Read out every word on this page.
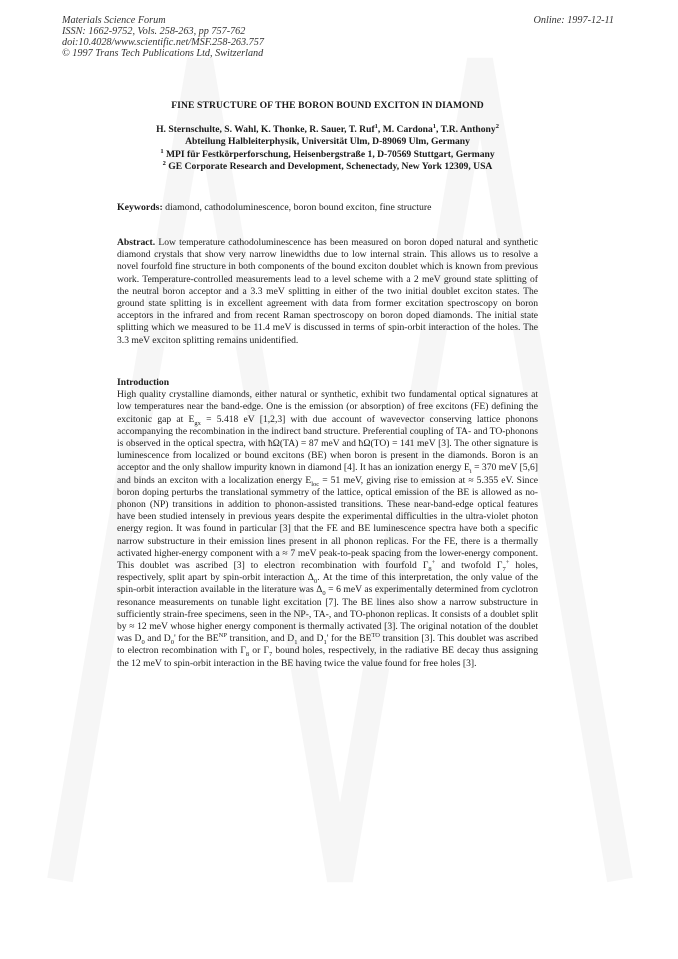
Materials Science Forum
ISSN: 1662-9752, Vols. 258-263, pp 757-762
doi:10.4028/www.scientific.net/MSF.258-263.757
© 1997 Trans Tech Publications Ltd, Switzerland
Online: 1997-12-11
FINE STRUCTURE OF THE BORON BOUND EXCITON IN DIAMOND
H. Sternschulte, S. Wahl, K. Thonke, R. Sauer, T. Ruf$^1$, M. Cardona$^1$, T.R. Anthony$^2$
Abteilung Halbleiterphysik, Universität Ulm, D-89069 Ulm, Germany
$^1$ MPI für Festkörperforschung, Heisenbergstraße 1, D-70569 Stuttgart, Germany
$^2$ GE Corporate Research and Development, Schenectady, New York 12309, USA
Keywords: diamond, cathodoluminescence, boron bound exciton, fine structure
Abstract. Low temperature cathodoluminescence has been measured on boron doped natural and synthetic diamond crystals that show very narrow linewidths due to low internal strain. This allows us to resolve a novel fourfold fine structure in both components of the bound exciton doublet which is known from previous work. Temperature-controlled measurements lead to a level scheme with a 2 meV ground state splitting of the neutral boron acceptor and a 3.3 meV splitting in either of the two initial doublet exciton states. The ground state splitting is in excellent agreement with data from former excitation spectroscopy on boron acceptors in the infrared and from recent Raman spectroscopy on boron doped diamonds. The initial state splitting which we measured to be 11.4 meV is discussed in terms of spin-orbit interaction of the holes. The 3.3 meV exciton splitting remains unidentified.
Introduction
High quality crystalline diamonds, either natural or synthetic, exhibit two fundamental optical signatures at low temperatures near the band-edge. One is the emission (or absorption) of free excitons (FE) defining the excitonic gap at $E_{gx} = 5.418$ eV [1,2,3] with due account of wavevector conserving lattice phonons accompanying the recombination in the indirect band structure. Preferential coupling of TA- and TO-phonons is observed in the optical spectra, with ħΩ(TA) = 87 meV and ħΩ(TO) = 141 meV [3]. The other signature is luminescence from localized or bound excitons (BE) when boron is present in the diamonds. Boron is an acceptor and the only shallow impurity known in diamond [4]. It has an ionization energy $E_i = 370$ meV [5,6] and binds an exciton with a localization energy $E_{loc} = 51$ meV, giving rise to emission at ≈ 5.355 eV. Since boron doping perturbs the translational symmetry of the lattice, optical emission of the BE is allowed as no-phonon (NP) transitions in addition to phonon-assisted transitions. These near-band-edge optical features have been studied intensely in previous years despite the experimental difficulties in the ultra-violet photon energy region. It was found in particular [3] that the FE and BE luminescence spectra have both a specific narrow substructure in their emission lines present in all phonon replicas. For the FE, there is a thermally activated higher-energy component with a ≈ 7 meV peak-to-peak spacing from the lower-energy component. This doublet was ascribed [3] to electron recombination with fourfold $\Gamma_8^+$ and twofold $\Gamma_7^+$ holes, respectively, split apart by spin-orbit interaction $\Delta_0$. At the time of this interpretation, the only value of the spin-orbit interaction available in the literature was $\Delta_0 = 6$ meV as experimentally determined from cyclotron resonance measurements on tunable light excitation [7]. The BE lines also show a narrow substructure in sufficiently strain-free specimens, seen in the NP-, TA-, and TO-phonon replicas. It consists of a doublet split by ≈ 12 meV whose higher energy component is thermally activated [3]. The original notation of the doublet was $D_0$ and $D_0'$ for the $BE^{NP}$ transition, and $D_1$ and $D_1'$ for the $BE^{TO}$ transition [3]. This doublet was ascribed to electron recombination with $\Gamma_8$ or $\Gamma_7$ bound holes, respectively, in the radiative BE decay thus assigning the 12 meV to spin-orbit interaction in the BE having twice the value found for free holes [3].
